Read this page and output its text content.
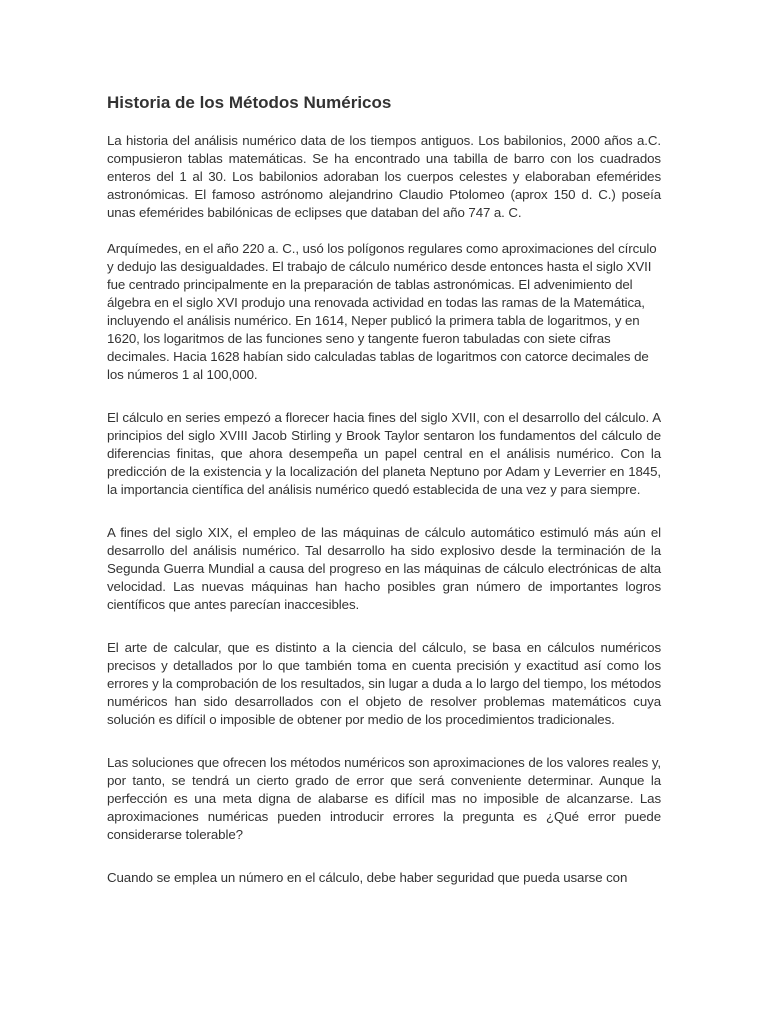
Historia de los Métodos Numéricos

La historia del análisis numérico data de los tiempos antiguos. Los babilonios, 2000 años a.C. compusieron tablas matemáticas. Se ha encontrado una tabilla de barro con los cuadrados enteros del 1 al 30. Los babilonios adoraban los cuerpos celestes y elaboraban efemérides astronómicas. El famoso astrónomo alejandrino Claudio Ptolomeo (aprox 150 d. C.) poseía unas efemérides babilónicas de eclipses que databan del año 747 a. C.

Arquímedes, en el año 220 a. C., usó los polígonos regulares como aproximaciones del círculo y dedujo las desigualdades. El trabajo de cálculo numérico desde entonces hasta el siglo XVII fue centrado principalmente en la preparación de tablas astronómicas. El advenimiento del álgebra en el siglo XVI produjo una renovada actividad en todas las ramas de la Matemática, incluyendo el análisis numérico. En 1614, Neper publicó la primera tabla de logaritmos, y en 1620, los logaritmos de las funciones seno y tangente fueron tabuladas con siete cifras decimales. Hacia 1628 habían sido calculadas tablas de logaritmos con catorce decimales de los números 1 al 100,000.

El cálculo en series empezó a florecer hacia fines del siglo XVII, con el desarrollo del cálculo. A principios del siglo XVIII Jacob Stirling y Brook Taylor sentaron los fundamentos del cálculo de diferencias finitas, que ahora desempeña un papel central en el análisis numérico. Con la predicción de la existencia y la localización del planeta Neptuno por Adam y Leverrier en 1845, la importancia científica del análisis numérico quedó establecida de una vez y para siempre.

A fines del siglo XIX, el empleo de las máquinas de cálculo automático estimuló más aún el desarrollo del análisis numérico. Tal desarrollo ha sido explosivo desde la terminación de la Segunda Guerra Mundial a causa del progreso en las máquinas de cálculo electrónicas de alta velocidad. Las nuevas máquinas han hacho posibles gran número de importantes logros científicos que antes parecían inaccesibles.

El arte de calcular, que es distinto a la ciencia del cálculo, se basa en cálculos numéricos precisos y detallados por lo que también toma en cuenta precisión y exactitud así como los errores y la comprobación de los resultados, sin lugar a duda a lo largo del tiempo, los métodos numéricos han sido desarrollados con el objeto de resolver problemas matemáticos cuya solución es difícil o imposible de obtener por medio de los procedimientos tradicionales.

Las soluciones que ofrecen los métodos numéricos son aproximaciones de los valores reales y, por tanto, se tendrá un cierto grado de error que será conveniente determinar. Aunque la perfección es una meta digna de alabarse es difícil mas no imposible de alcanzarse. Las aproximaciones numéricas pueden introducir errores la pregunta es ¿Qué error puede considerarse tolerable?

Cuando se emplea un número en el cálculo, debe haber seguridad que pueda usarse con
